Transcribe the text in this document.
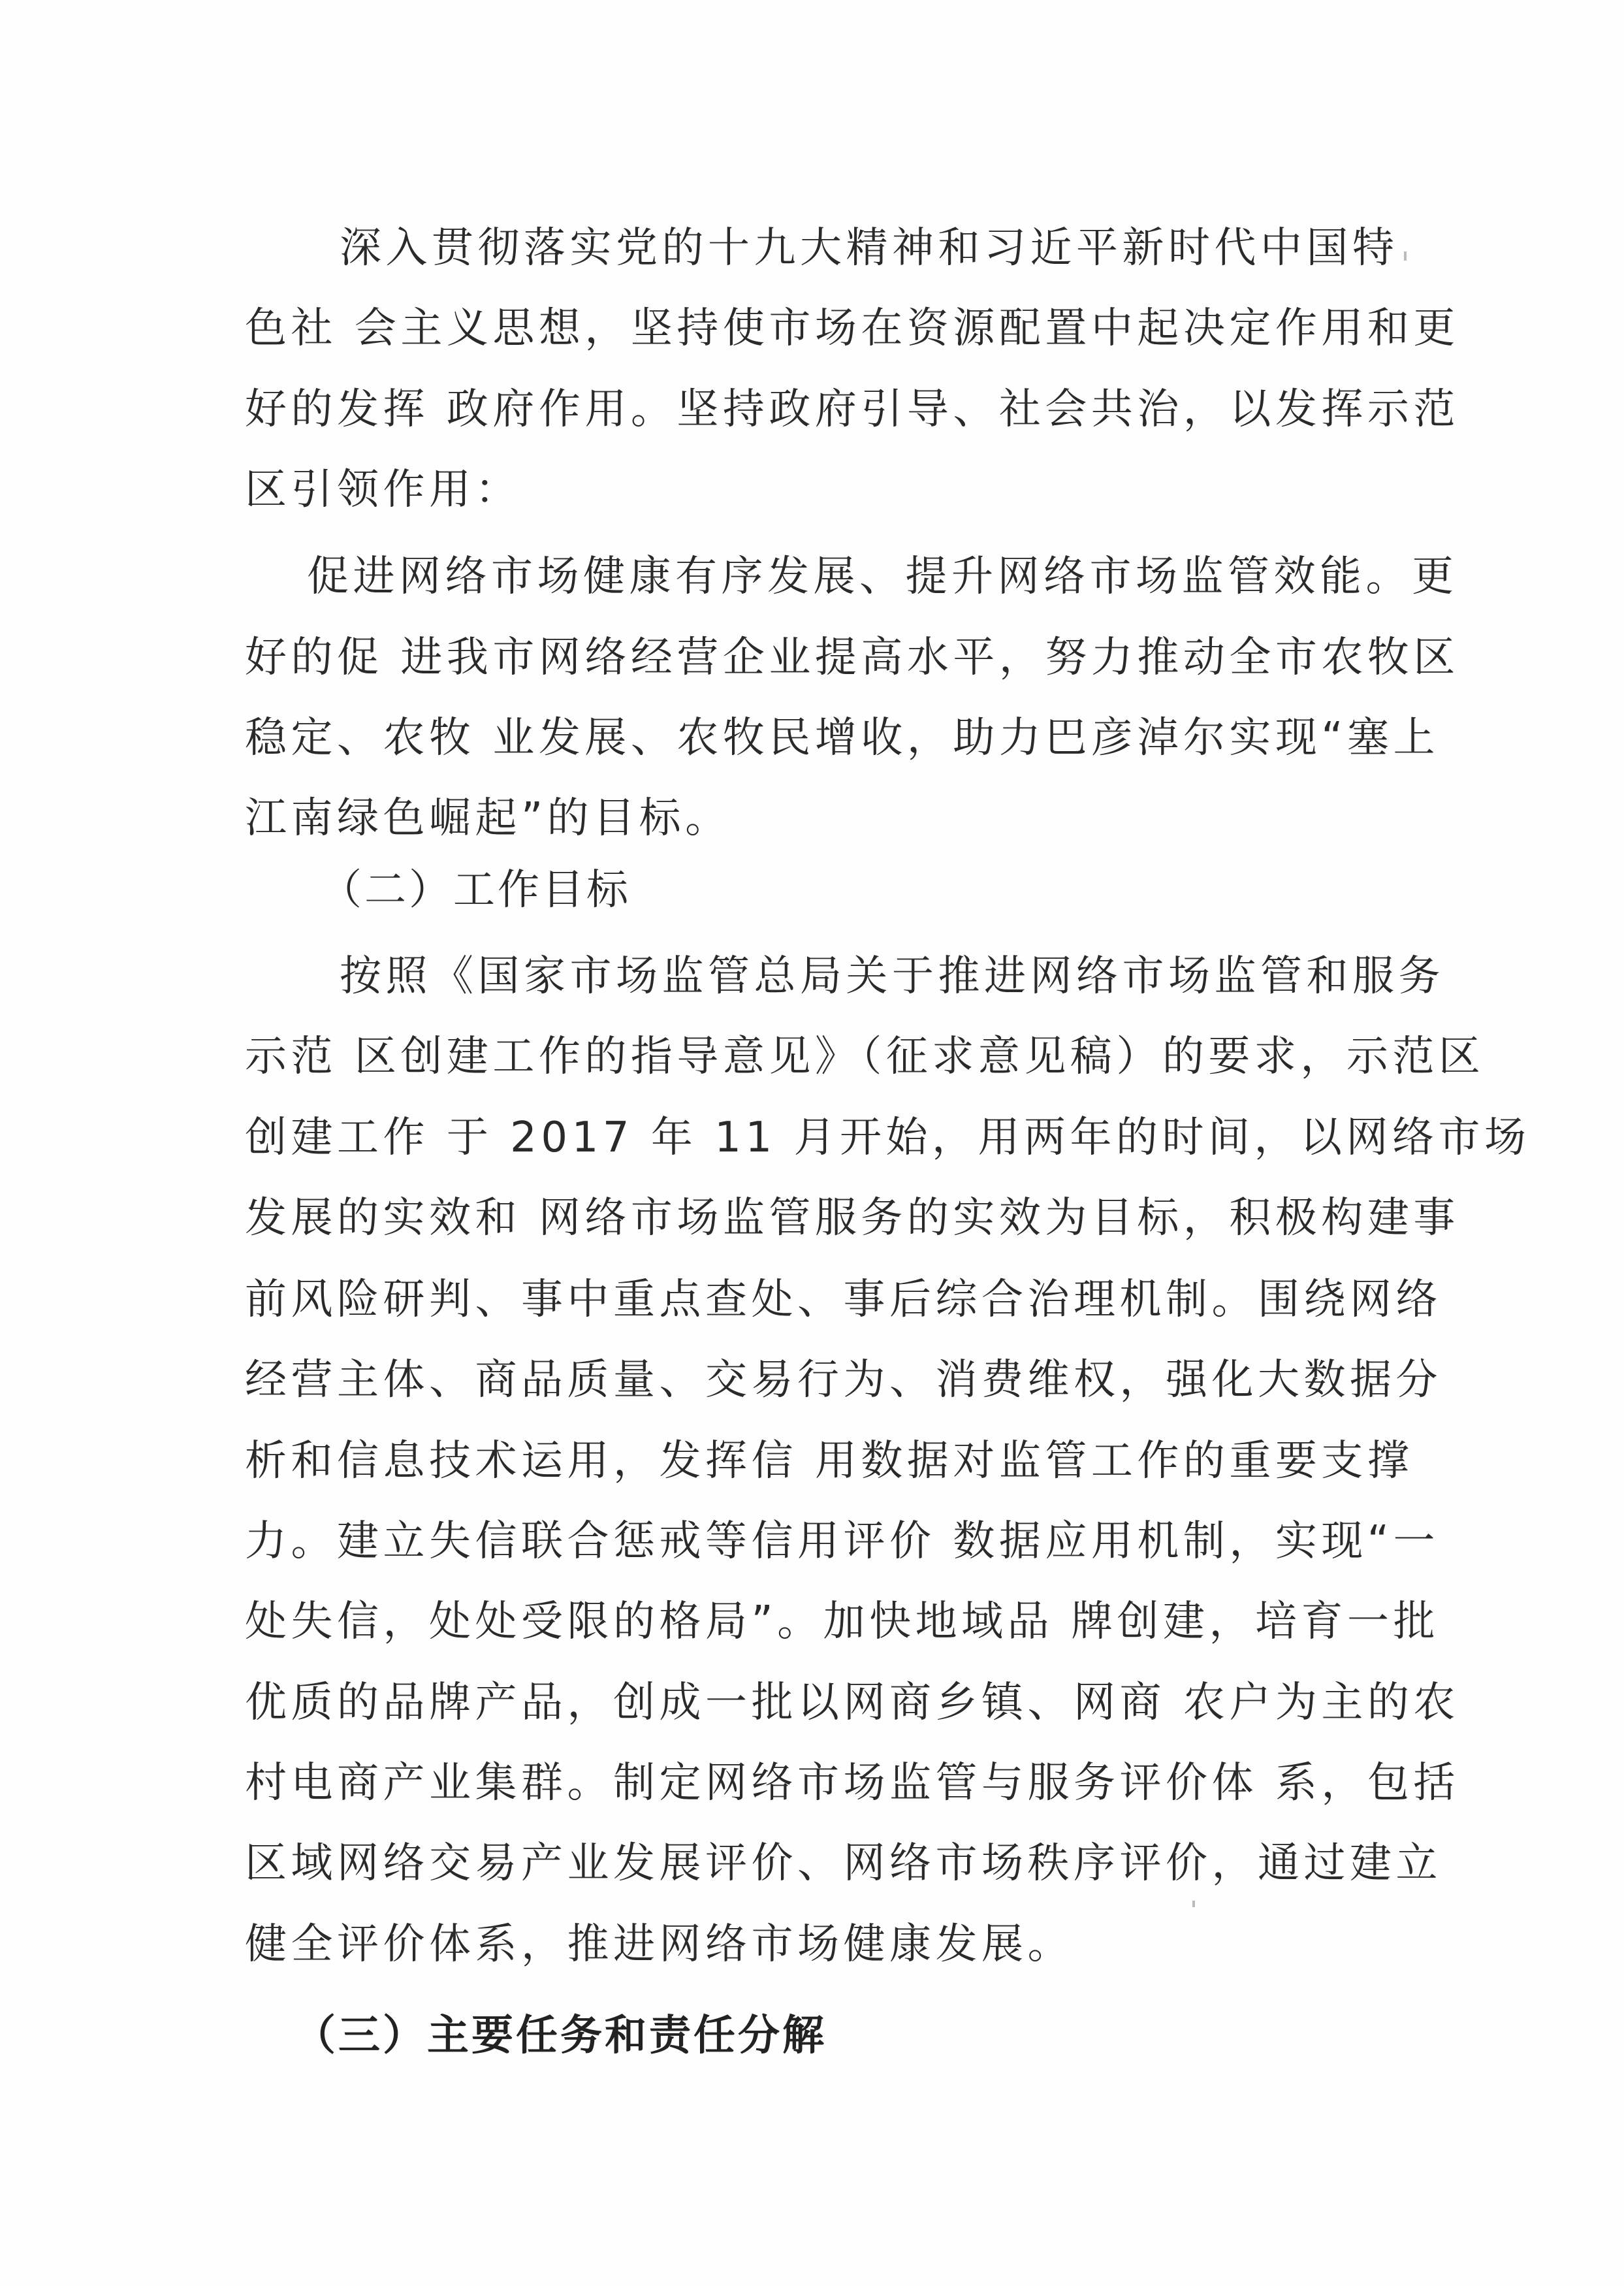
深入贯彻落实党的十九大精神和习近平新时代中国特
色社 会主义思想，坚持使市场在资源配置中起决定作用和更
好的发挥 政府作用。坚持政府引导、社会共治，以发挥示范
区引领作用：
促进网络市场健康有序发展、提升网络市场监管效能。更
好的促 进我市网络经营企业提高水平，努力推动全市农牧区
稳定、农牧 业发展、农牧民增收，助力巴彦淖尔实现“塞上
江南绿色崛起”的目标。
（二）工作目标
按照《国家市场监管总局关于推进网络市场监管和服务
示范 区创建工作的指导意见》（征求意见稿）的要求，示范区
创建工作 于 2017 年 11 月开始，用两年的时间，以网络市场
发展的实效和 网络市场监管服务的实效为目标，积极构建事
前风险研判、事中重点查处、事后综合治理机制。围绕网络
经营主体、商品质量、交易行为、消费维权，强化大数据分
析和信息技术运用，发挥信 用数据对监管工作的重要支撑
力。建立失信联合惩戒等信用评价 数据应用机制，实现“一
处失信，处处受限的格局”。加快地域品 牌创建，培育一批
优质的品牌产品，创成一批以网商乡镇、网商 农户为主的农
村电商产业集群。制定网络市场监管与服务评价体 系，包括
区域网络交易产业发展评价、网络市场秩序评价，通过建立
健全评价体系，推进网络市场健康发展。
（三）主要任务和责任分解
